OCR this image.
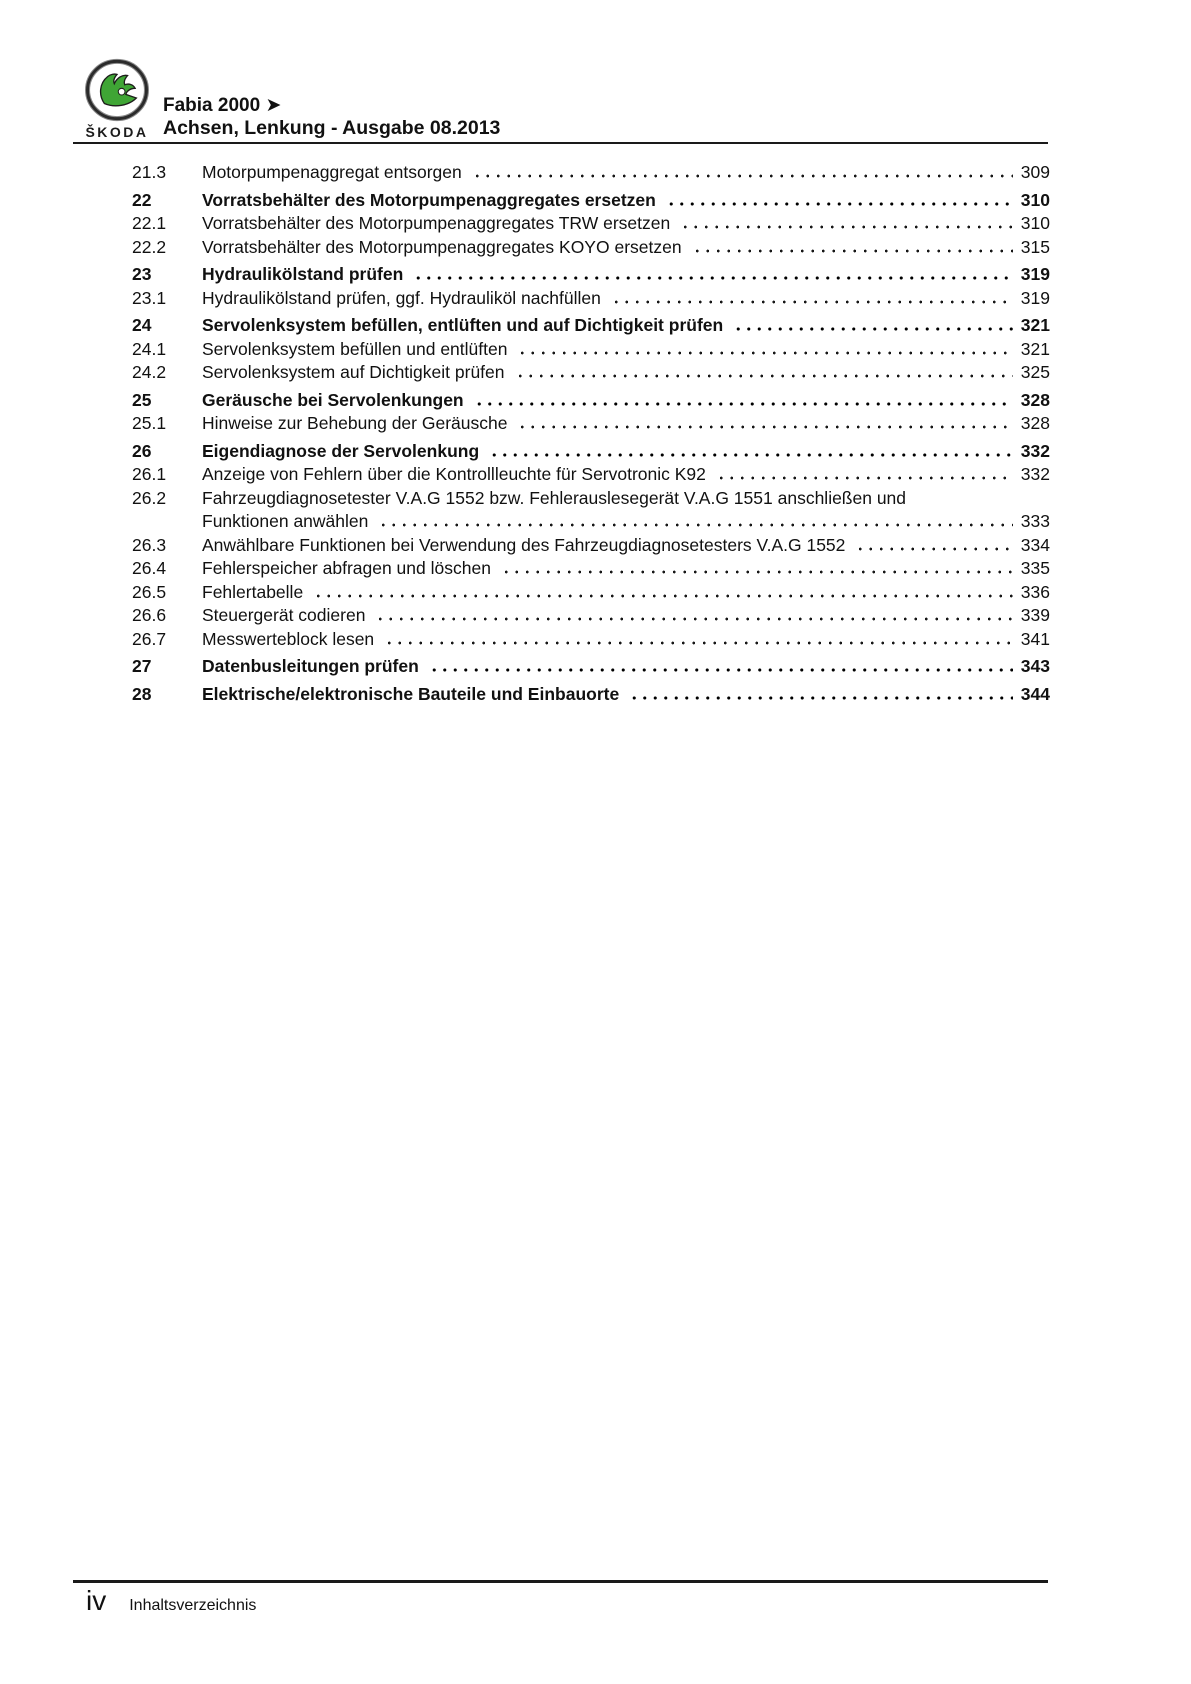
ŠKODA
Fabia 2000 ➤
Achsen, Lenkung - Ausgabe 08.2013
21.3	Motorpumpenaggregat entsorgen	309
22	Vorratsbehälter des Motorpumpenaggregates ersetzen	310
22.1	Vorratsbehälter des Motorpumpenaggregates TRW ersetzen	310
22.2	Vorratsbehälter des Motorpumpenaggregates KOYO ersetzen	315
23	Hydraulikölstand prüfen	319
23.1	Hydraulikölstand prüfen, ggf. Hydrauliköl nachfüllen	319
24	Servolenksystem befüllen, entlüften und auf Dichtigkeit prüfen	321
24.1	Servolenksystem befüllen und entlüften	321
24.2	Servolenksystem auf Dichtigkeit prüfen	325
25	Geräusche bei Servolenkungen	328
25.1	Hinweise zur Behebung der Geräusche	328
26	Eigendiagnose der Servolenkung	332
26.1	Anzeige von Fehlern über die Kontrollleuchte für Servotronic K92	332
26.2	Fahrzeugdiagnosetester V.A.G 1552 bzw. Fehlerauslesegerät V.A.G 1551 anschließen und
Funktionen anwählen	333
26.3	Anwählbare Funktionen bei Verwendung des Fahrzeugdiagnosetesters V.A.G 1552	334
26.4	Fehlerspeicher abfragen und löschen	335
26.5	Fehlertabelle	336
26.6	Steuergerät codieren	339
26.7	Messwerteblock lesen	341
27	Datenbusleitungen prüfen	343
28	Elektrische/elektronische Bauteile und Einbauorte	344
iv Inhaltsverzeichnis
